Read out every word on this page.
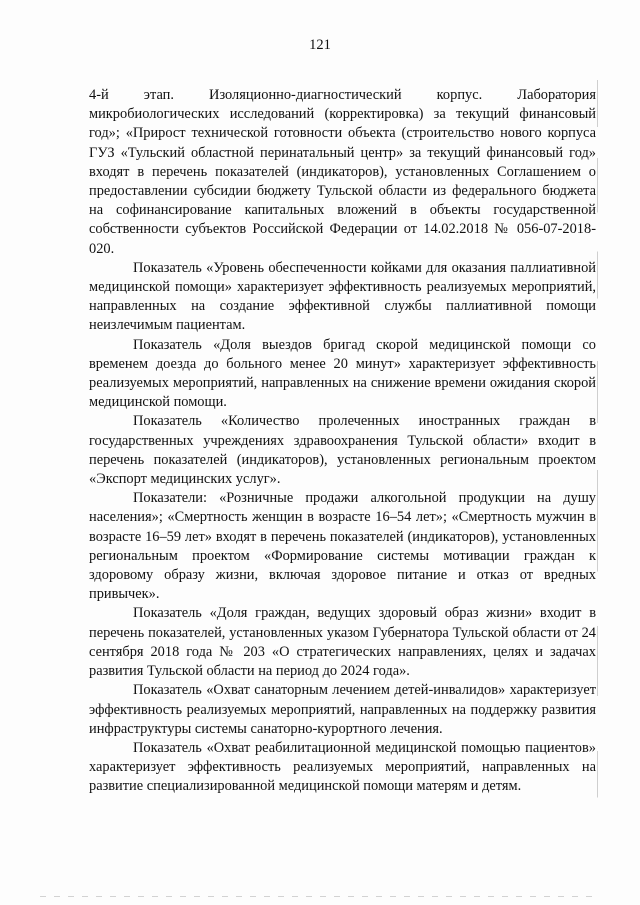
121

4-й этап. Изоляционно-диагностический корпус. Лаборатория микробиологических исследований (корректировка) за текущий финансовый год»; «Прирост технической готовности объекта (строительство нового корпуса ГУЗ «Тульский областной перинатальный центр» за текущий финансовый год» входят в перечень показателей (индикаторов), установленных Соглашением о предоставлении субсидии бюджету Тульской области из федерального бюджета на софинансирование капитальных вложений в объекты государственной собственности субъектов Российской Федерации от 14.02.2018 № 056-07-2018-020.

Показатель «Уровень обеспеченности койками для оказания паллиативной медицинской помощи» характеризует эффективность реализуемых мероприятий, направленных на создание эффективной службы паллиативной помощи неизлечимым пациентам.

Показатель «Доля выездов бригад скорой медицинской помощи со временем доезда до больного менее 20 минут» характеризует эффективность реализуемых мероприятий, направленных на снижение времени ожидания скорой медицинской помощи.

Показатель «Количество пролеченных иностранных граждан в государственных учреждениях здравоохранения Тульской области» входит в перечень показателей (индикаторов), установленных региональным проектом «Экспорт медицинских услуг».

Показатели: «Розничные продажи алкогольной продукции на душу населения»; «Смертность женщин в возрасте 16–54 лет»; «Смертность мужчин в возрасте 16–59 лет» входят в перечень показателей (индикаторов), установленных региональным проектом «Формирование системы мотивации граждан к здоровому образу жизни, включая здоровое питание и отказ от вредных привычек».

Показатель «Доля граждан, ведущих здоровый образ жизни» входит в перечень показателей, установленных указом Губернатора Тульской области от 24 сентября 2018 года № 203 «О стратегических направлениях, целях и задачах развития Тульской области на период до 2024 года».

Показатель «Охват санаторным лечением детей-инвалидов» характеризует эффективность реализуемых мероприятий, направленных на поддержку развития инфраструктуры системы санаторно-курортного лечения.

Показатель «Охват реабилитационной медицинской помощью пациентов» характеризует эффективность реализуемых мероприятий, направленных на развитие специализированной медицинской помощи матерям и детям.
